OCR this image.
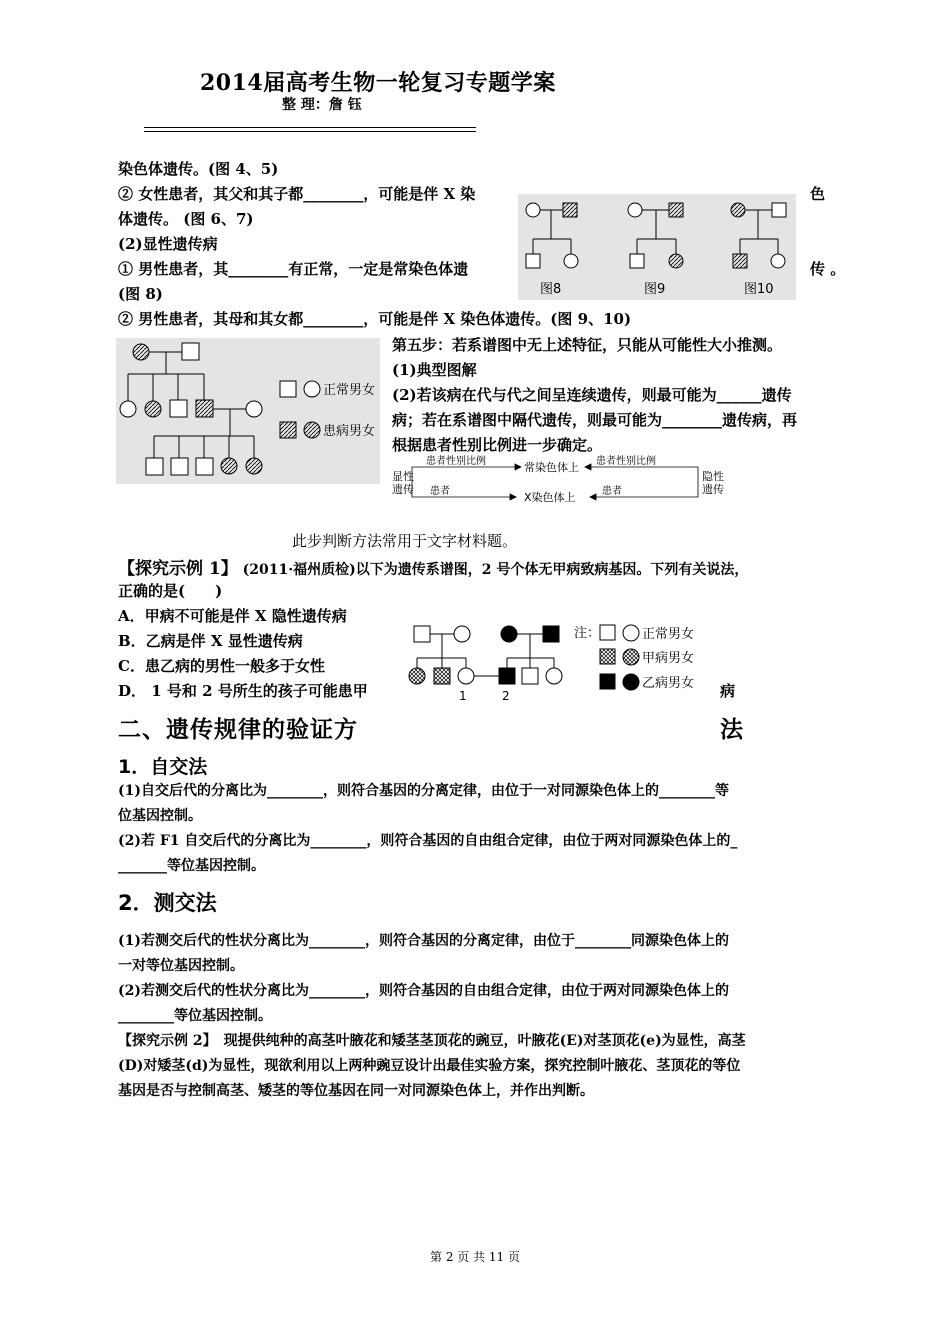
2014届高考生物一轮复习专题学案
整 理：詹 钰
染色体遗传。(图 4、5)
② 女性患者，其父和其子都________，可能是伴 X 染	色
体遗传。 (图 6、7)
(2)显性遗传病
① 男性患者，其________有正常，一定是常染色体遗	传 。
(图 8)
② 男性患者，其母和其女都________，可能是伴 X 染色体遗传。(图 9、10)
图8	图9	图10
正常男女
患病男女
第五步：若系谱图中无上述特征，只能从可能性大小推测。
(1)典型图解
(2)若该病在代与代之间呈连续遗传，则最可能为______遗传
病；若在系谱图中隔代遗传，则最可能为________遗传病，再
根据患者性别比例进一步确定。
显性
遗传
隐性
遗传
患者性别比例	患者性别比例
常染色体上
患者	患者
X染色体上
此步判断方法常用于文字材料题。
【探究示例 1】 (2011·福州质检)以下为遗传系谱图，2 号个体无甲病致病基因。下列有关说法，
正确的是(　　)
A．甲病不可能是伴 X 隐性遗传病
B．乙病是伴 X 显性遗传病
C．患乙病的男性一般多于女性
D． 1 号和 2 号所生的孩子可能患甲	病
1	2
注：	正常男女
甲病男女
乙病男女
二、遗传规律的验证方	法
1．自交法
(1)自交后代的分离比为________，则符合基因的分离定律，由位于一对同源染色体上的________等
位基因控制。
(2)若 F1 自交后代的分离比为________，则符合基因的自由组合定律，由位于两对同源染色体上的_
_______等位基因控制。
2．测交法
(1)若测交后代的性状分离比为________，则符合基因的分离定律，由位于________同源染色体上的
一对等位基因控制。
(2)若测交后代的性状分离比为________，则符合基因的自由组合定律，由位于两对同源染色体上的
________等位基因控制。
【探究示例 2】　现提供纯种的高茎叶腋花和矮茎茎顶花的豌豆，叶腋花(E)对茎顶花(e)为显性，高茎
(D)对矮茎(d)为显性，现欲利用以上两种豌豆设计出最佳实验方案，探究控制叶腋花、茎顶花的等位
基因是否与控制高茎、矮茎的等位基因在同一对同源染色体上，并作出判断。
第 2 页 共 11 页
